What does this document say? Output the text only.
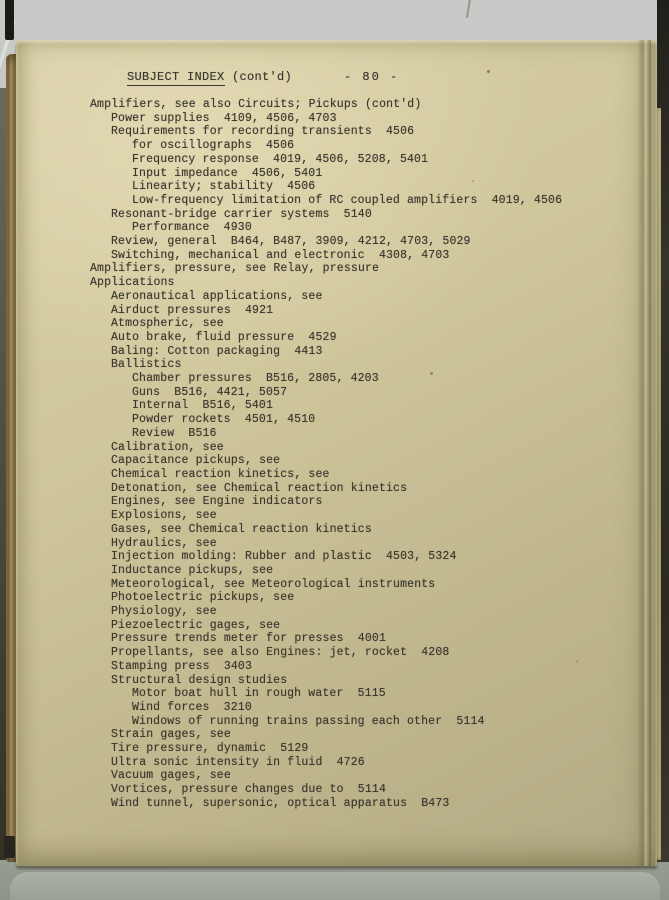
SUBJECT INDEX (cont'd)	- 80 -
Amplifiers, see also Circuits; Pickups (cont'd)
Power supplies  4109, 4506, 4703
Requirements for recording transients  4506
for oscillographs  4506
Frequency response  4019, 4506, 5208, 5401
Input impedance  4506, 5401
Linearity; stability  4506
Low-frequency limitation of RC coupled amplifiers  4019, 4506
Resonant-bridge carrier systems  5140
Performance  4930
Review, general  B464, B487, 3909, 4212, 4703, 5029
Switching, mechanical and electronic  4308, 4703
Amplifiers, pressure, see Relay, pressure
Applications
Aeronautical applications, see
Airduct pressures  4921
Atmospheric, see
Auto brake, fluid pressure  4529
Baling: Cotton packaging  4413
Ballistics
Chamber pressures  B516, 2805, 4203
Guns  B516, 4421, 5057
Internal  B516, 5401
Powder rockets  4501, 4510
Review  B516
Calibration, see
Capacitance pickups, see
Chemical reaction kinetics, see
Detonation, see Chemical reaction kinetics
Engines, see Engine indicators
Explosions, see
Gases, see Chemical reaction kinetics
Hydraulics, see
Injection molding: Rubber and plastic  4503, 5324
Inductance pickups, see
Meteorological, see Meteorological instruments
Photoelectric pickups, see
Physiology, see
Piezoelectric gages, see
Pressure trends meter for presses  4001
Propellants, see also Engines: jet, rocket  4208
Stamping press  3403
Structural design studies
Motor boat hull in rough water  5115
Wind forces  3210
Windows of running trains passing each other  5114
Strain gages, see
Tire pressure, dynamic  5129
Ultra sonic intensity in fluid  4726
Vacuum gages, see
Vortices, pressure changes due to  5114
Wind tunnel, supersonic, optical apparatus  B473
